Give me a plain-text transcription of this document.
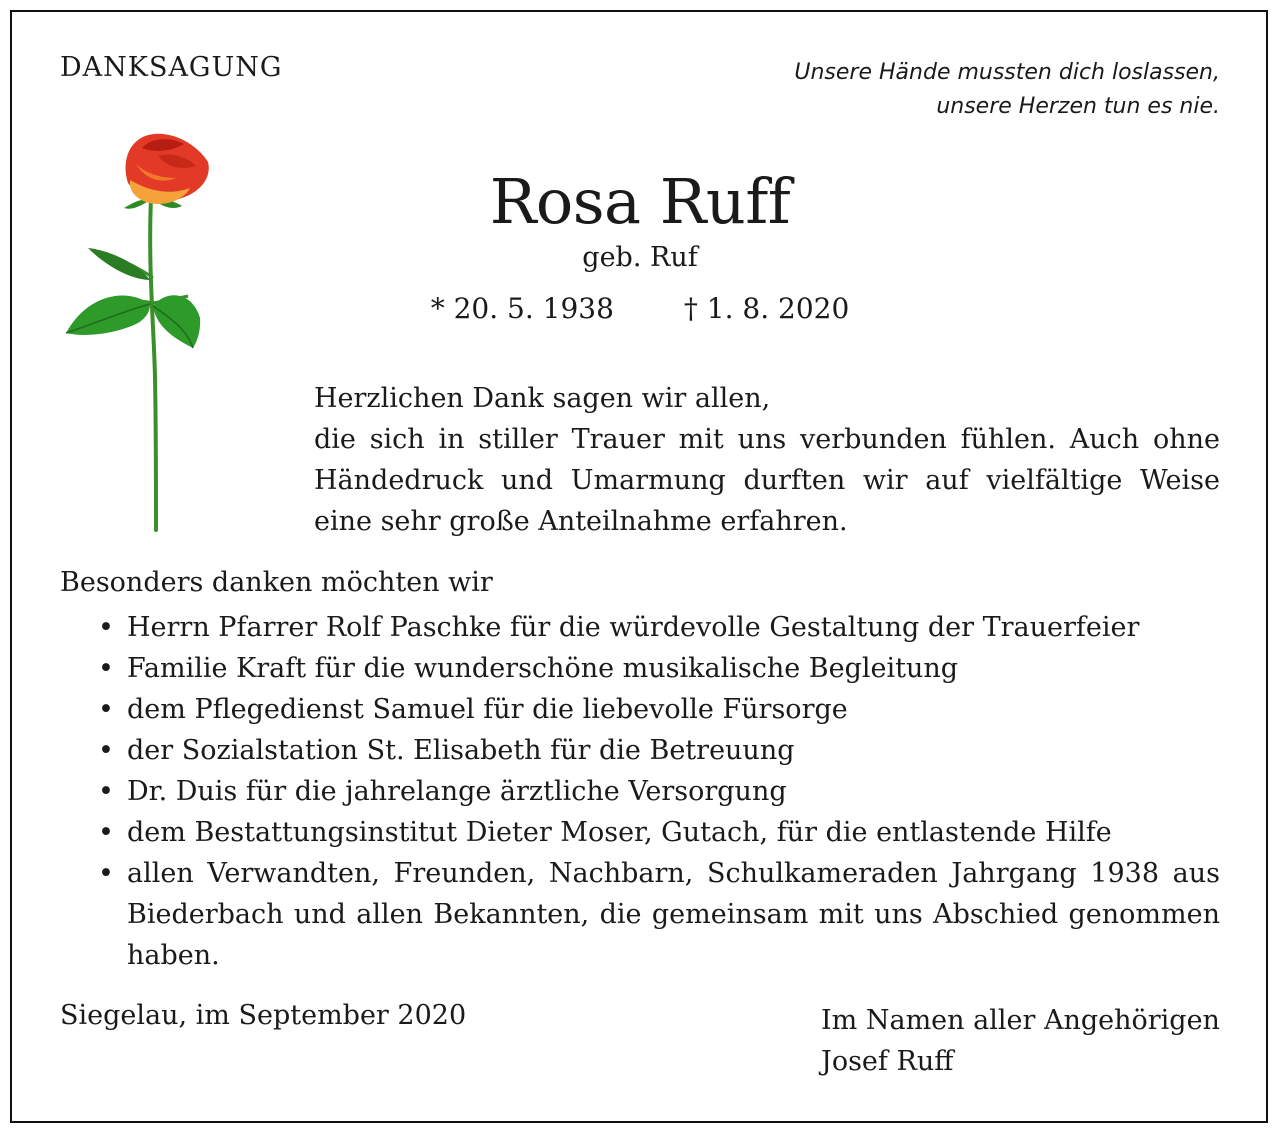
DANKSAGUNG	Unsere Hände mussten dich loslassen,
unsere Herzen tun es nie.

Rosa Ruff

geb. Ruf

* 20. 5. 1938	† 1. 8. 2020

Herzlichen Dank sagen wir allen,
die sich in stiller Trauer mit uns verbunden fühlen. Auch ohne Händedruck und Umarmung durften wir auf vielfältige Weise eine sehr große Anteilnahme erfahren.

Besonders danken möchten wir

• Herrn Pfarrer Rolf Paschke für die würdevolle Gestaltung der Trauerfeier
• Familie Kraft für die wunderschöne musikalische Begleitung
• dem Pflegedienst Samuel für die liebevolle Fürsorge
• der Sozialstation St. Elisabeth für die Betreuung
• Dr. Duis für die jahrelange ärztliche Versorgung
• dem Bestattungsinstitut Dieter Moser, Gutach, für die entlastende Hilfe
• allen Verwandten, Freunden, Nachbarn, Schulkameraden Jahrgang 1938 aus Biederbach und allen Bekannten, die gemeinsam mit uns Abschied genommen haben.

Siegelau, im September 2020	Im Namen aller Angehörigen
Josef Ruff
